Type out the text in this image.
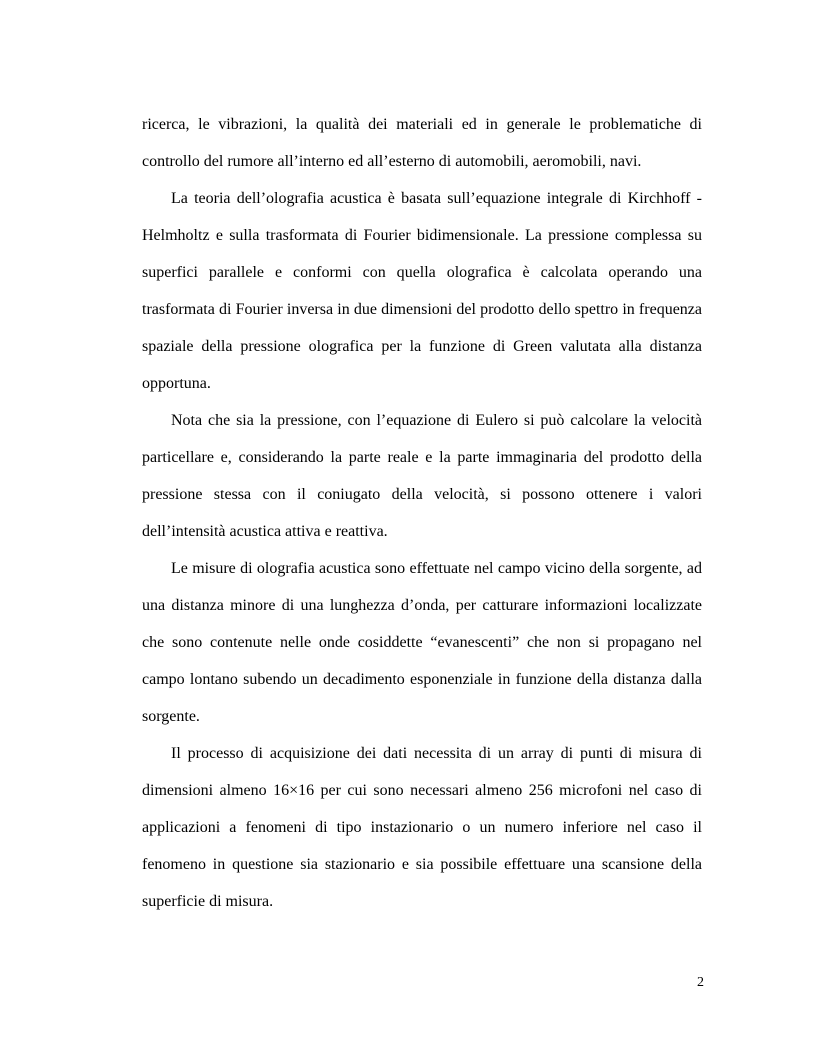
ricerca, le vibrazioni, la qualità dei materiali ed in generale le problematiche di controllo del rumore all’interno ed all’esterno di automobili, aeromobili, navi.

La teoria dell’olografia acustica è basata sull’equazione integrale di Kirchhoff - Helmholtz e sulla trasformata di Fourier bidimensionale. La pressione complessa su superfici parallele e conformi con quella olografica è calcolata operando una trasformata di Fourier inversa in due dimensioni del prodotto dello spettro in frequenza spaziale della pressione olografica per la funzione di Green valutata alla distanza opportuna.

Nota che sia la pressione, con l’equazione di Eulero si può calcolare la velocità particellare e, considerando la parte reale e la parte immaginaria del prodotto della pressione stessa con il coniugato della velocità, si possono ottenere i valori dell’intensità acustica attiva e reattiva.

Le misure di olografia acustica sono effettuate nel campo vicino della sorgente, ad una distanza minore di una lunghezza d’onda, per catturare informazioni localizzate che sono contenute nelle onde cosiddette “evanescenti” che non si propagano nel campo lontano subendo un decadimento esponenziale in funzione della distanza dalla sorgente.

Il processo di acquisizione dei dati necessita di un array di punti di misura di dimensioni almeno 16×16 per cui sono necessari almeno 256 microfoni nel caso di applicazioni a fenomeni di tipo instazionario o un numero inferiore nel caso il fenomeno in questione sia stazionario e sia possibile effettuare una scansione della superficie di misura.

2
